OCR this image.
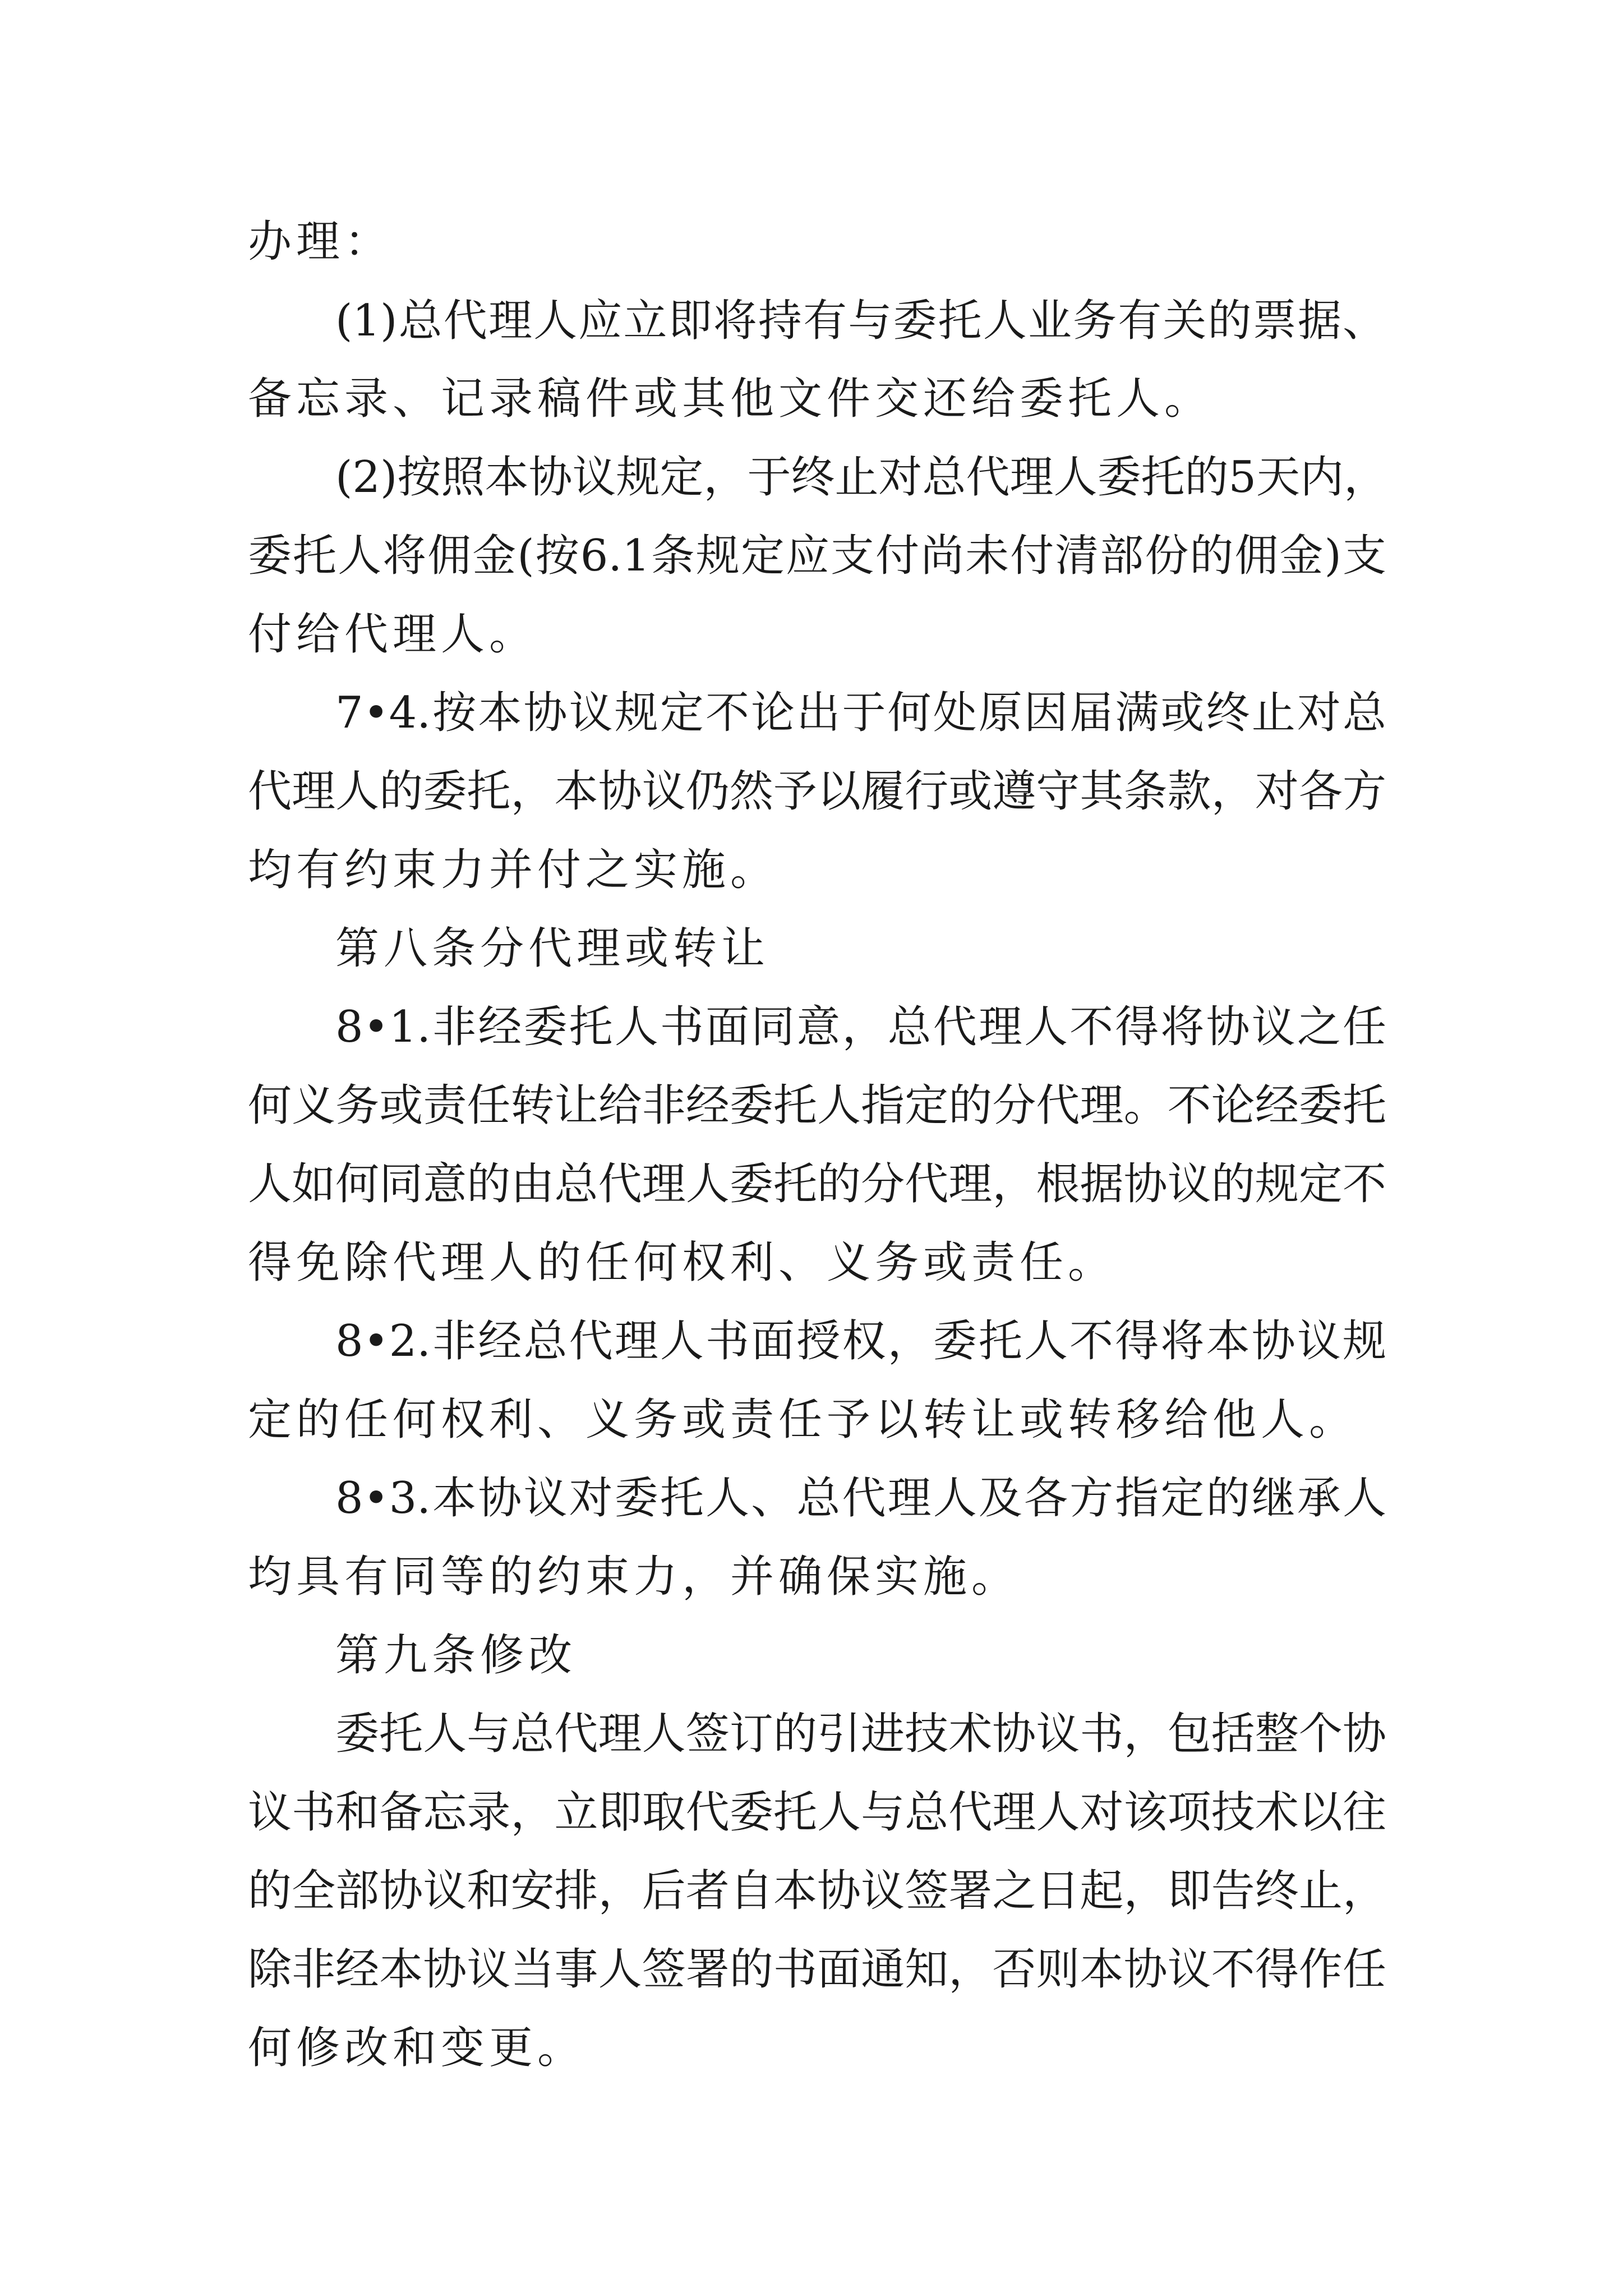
办理：

(1)总代理人应立即将持有与委托人业务有关的票据、

备忘录、记录稿件或其他文件交还给委托人。

(2)按照本协议规定，于终止对总代理人委托的5天内，

委托人将佣金(按6.1条规定应支付尚未付清部份的佣金)支

付给代理人。

7•4.按本协议规定不论出于何处原因届满或终止对总

代理人的委托，本协议仍然予以履行或遵守其条款，对各方

均有约束力并付之实施。

第八条分代理或转让

8•1.非经委托人书面同意，总代理人不得将协议之任

何义务或责任转让给非经委托人指定的分代理。不论经委托

人如何同意的由总代理人委托的分代理，根据协议的规定不

得免除代理人的任何权利、义务或责任。

8•2.非经总代理人书面授权，委托人不得将本协议规

定的任何权利、义务或责任予以转让或转移给他人。

8•3.本协议对委托人、总代理人及各方指定的继承人

均具有同等的约束力，并确保实施。

第九条修改

委托人与总代理人签订的引进技术协议书，包括整个协

议书和备忘录，立即取代委托人与总代理人对该项技术以往

的全部协议和安排，后者自本协议签署之日起，即告终止，

除非经本协议当事人签署的书面通知，否则本协议不得作任

何修改和变更。
